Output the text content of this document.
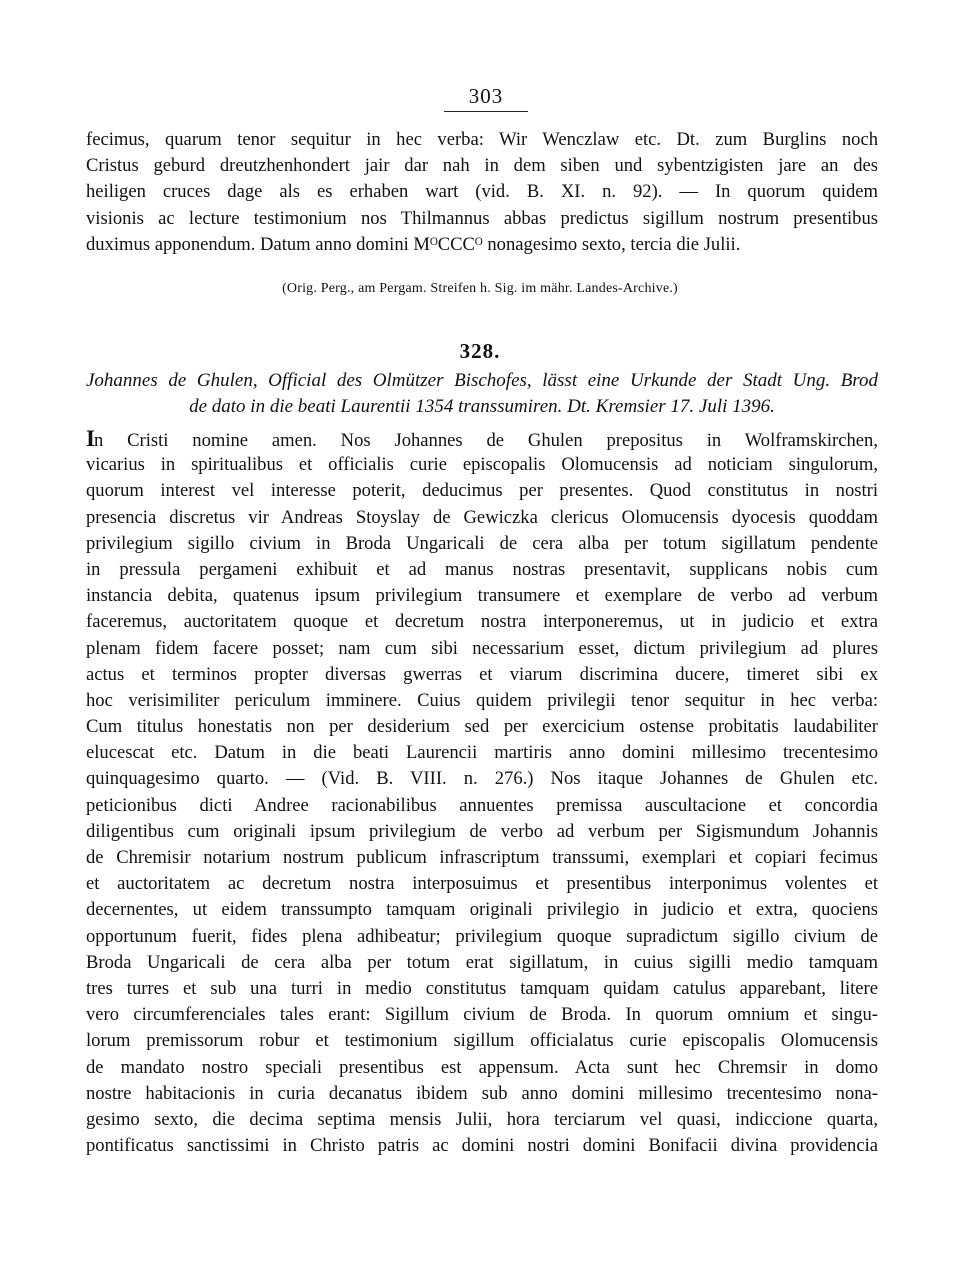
303
fecimus, quarum tenor sequitur in hec verba: Wir Wenczlaw etc. Dt. zum Burglins noch
Cristus geburd dreutzhenhondert jair dar nah in dem siben und sybentzigisten jare an des
heiligen cruces dage als es erhaben wart (vid. B. XI. n. 92). — In quorum quidem
visionis ac lecture testimonium nos Thilmannus abbas predictus sigillum nostrum presentibus
duximus apponendum. Datum anno domini MᴼCCCᴼ nonagesimo sexto, tercia die Julii.
(Orig. Perg., am Pergam. Streifen h. Sig. im mähr. Landes-Archive.)
328.
Johannes de Ghulen, Official des Olmützer Bischofes, lässt eine Urkunde der Stadt Ung. Brod
de dato in die beati Laurentii 1354 transsumiren. Dt. Kremsier 17. Juli 1396.
In Cristi nomine amen. Nos Johannes de Ghulen prepositus in Wolframskirchen,
vicarius in spiritualibus et officialis curie episcopalis Olomucensis ad noticiam singulorum,
quorum interest vel interesse poterit, deducimus per presentes. Quod constitutus in nostri
presencia discretus vir Andreas Stoyslay de Gewiczka clericus Olomucensis dyocesis quoddam
privilegium sigillo civium in Broda Ungaricali de cera alba per totum sigillatum pendente
in pressula pergameni exhibuit et ad manus nostras presentavit, supplicans nobis cum
instancia debita, quatenus ipsum privilegium transumere et exemplare de verbo ad verbum
faceremus, auctoritatem quoque et decretum nostra interponeremus, ut in judicio et extra
plenam fidem facere posset; nam cum sibi necessarium esset, dictum privilegium ad plures
actus et terminos propter diversas gwerras et viarum discrimina ducere, timeret sibi ex
hoc verisimiliter periculum imminere. Cuius quidem privilegii tenor sequitur in hec verba:
Cum titulus honestatis non per desiderium sed per exercicium ostense probitatis laudabiliter
elucescat etc. Datum in die beati Laurencii martiris anno domini millesimo trecentesimo
quinquagesimo quarto. — (Vid. B. VIII. n. 276.) Nos itaque Johannes de Ghulen etc.
peticionibus dicti Andree racionabilibus annuentes premissa auscultacione et concordia
diligentibus cum originali ipsum privilegium de verbo ad verbum per Sigismundum Johannis
de Chremisir notarium nostrum publicum infrascriptum transsumi, exemplari et copiari fecimus
et auctoritatem ac decretum nostra interposuimus et presentibus interponimus volentes et
decernentes, ut eidem transsumpto tamquam originali privilegio in judicio et extra, quociens
opportunum fuerit, fides plena adhibeatur; privilegium quoque supradictum sigillo civium de
Broda Ungaricali de cera alba per totum erat sigillatum, in cuius sigilli medio tamquam
tres turres et sub una turri in medio constitutus tamquam quidam catulus apparebant, litere
vero circumferenciales tales erant: Sigillum civium de Broda. In quorum omnium et singu-
lorum premissorum robur et testimonium sigillum officialatus curie episcopalis Olomucensis
de mandato nostro speciali presentibus est appensum. Acta sunt hec Chremsir in domo
nostre habitacionis in curia decanatus ibidem sub anno domini millesimo trecentesimo nona-
gesimo sexto, die decima septima mensis Julii, hora terciarum vel quasi, indiccione quarta,
pontificatus sanctissimi in Christo patris ac domini nostri domini Bonifacii divina providencia
